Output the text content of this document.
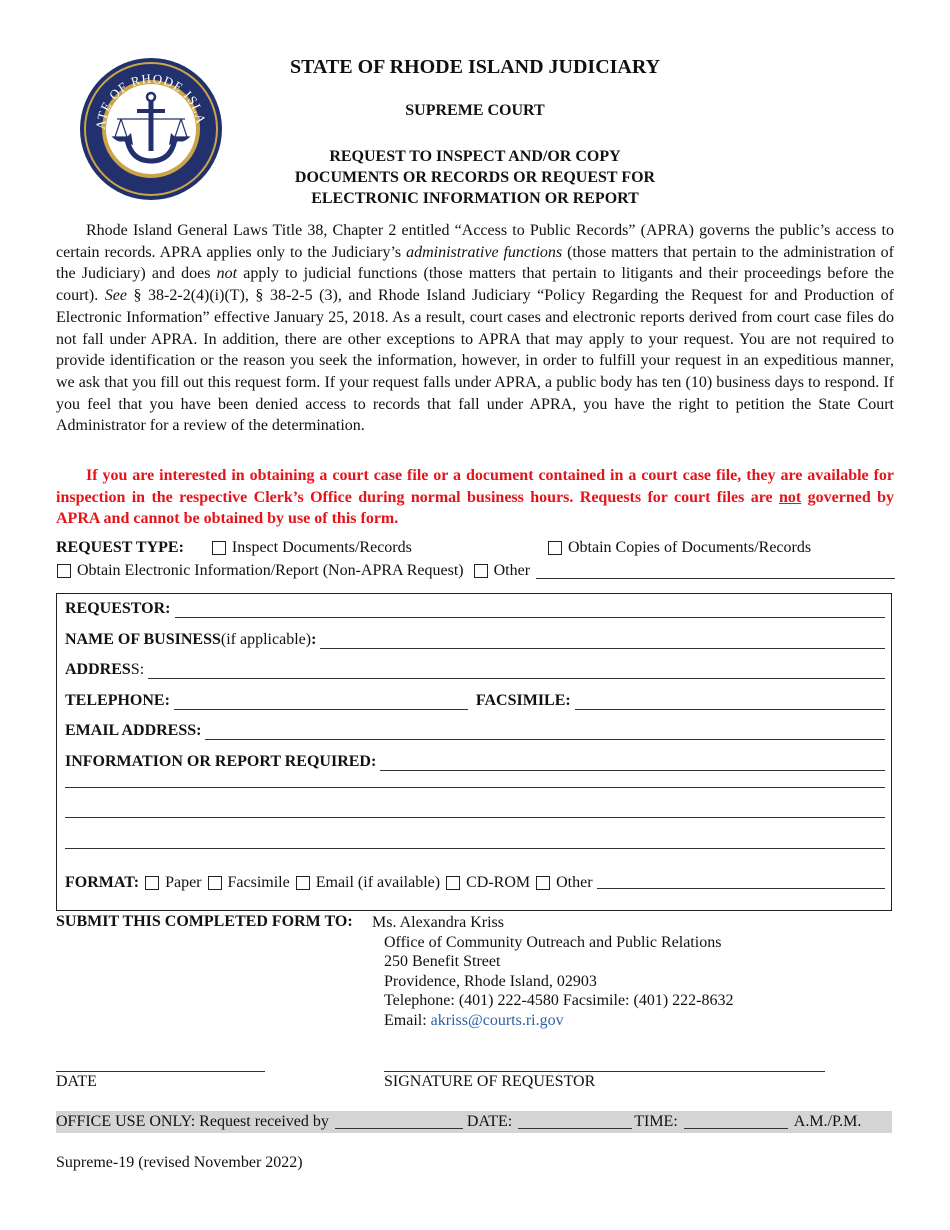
ATE OF RHODE ISLA
JUDICIARY
STATE OF RHODE ISLAND JUDICIARY
SUPREME COURT
REQUEST TO INSPECT AND/OR COPY
DOCUMENTS OR RECORDS OR REQUEST FOR
ELECTRONIC INFORMATION OR REPORT
Rhode Island General Laws Title 38, Chapter 2 entitled “Access to Public Records” (APRA) governs the public’s access to certain records. APRA applies only to the Judiciary’s administrative functions (those matters that pertain to the administration of the Judiciary) and does not apply to judicial functions (those matters that pertain to litigants and their proceedings before the court). See § 38-2-2(4)(i)(T), § 38-2-5 (3), and Rhode Island Judiciary “Policy Regarding the Request for and Production of Electronic Information” effective January 25, 2018. As a result, court cases and electronic reports derived from court case files do not fall under APRA. In addition, there are other exceptions to APRA that may apply to your request. You are not required to provide identification or the reason you seek the information, however, in order to fulfill your request in an expeditious manner, we ask that you fill out this request form. If your request falls under APRA, a public body has ten (10) business days to respond. If you feel that you have been denied access to records that fall under APRA, you have the right to petition the State Court Administrator for a review of the determination.
If you are interested in obtaining a court case file or a document contained in a court case file, they are available for inspection in the respective Clerk’s Office during normal business hours. Requests for court files are not governed by APRA and cannot be obtained by use of this form.
REQUEST TYPE:	Inspect Documents/Records	Obtain Copies of Documents/Records
Obtain Electronic Information/Report (Non-APRA Request) Other
REQUESTOR:
NAME OF BUSINESS(if applicable):
ADDRESS:
TELEPHONE:	FACSIMILE:
EMAIL ADDRESS:
INFORMATION OR REPORT REQUIRED:
FORMAT: Paper Facsimile Email (if available) CD-ROM Other
SUBMIT THIS COMPLETED FORM TO: Ms. Alexandra Kriss
Office of Community Outreach and Public Relations
250 Benefit Street
Providence, Rhode Island, 02903
Telephone: (401) 222-4580 Facsimile: (401) 222-8632
Email: akriss@courts.ri.gov
DATE	SIGNATURE OF REQUESTOR
OFFICE USE ONLY: Request received by	DATE:	TIME:	A.M./P.M.
Supreme-19 (revised November 2022)
